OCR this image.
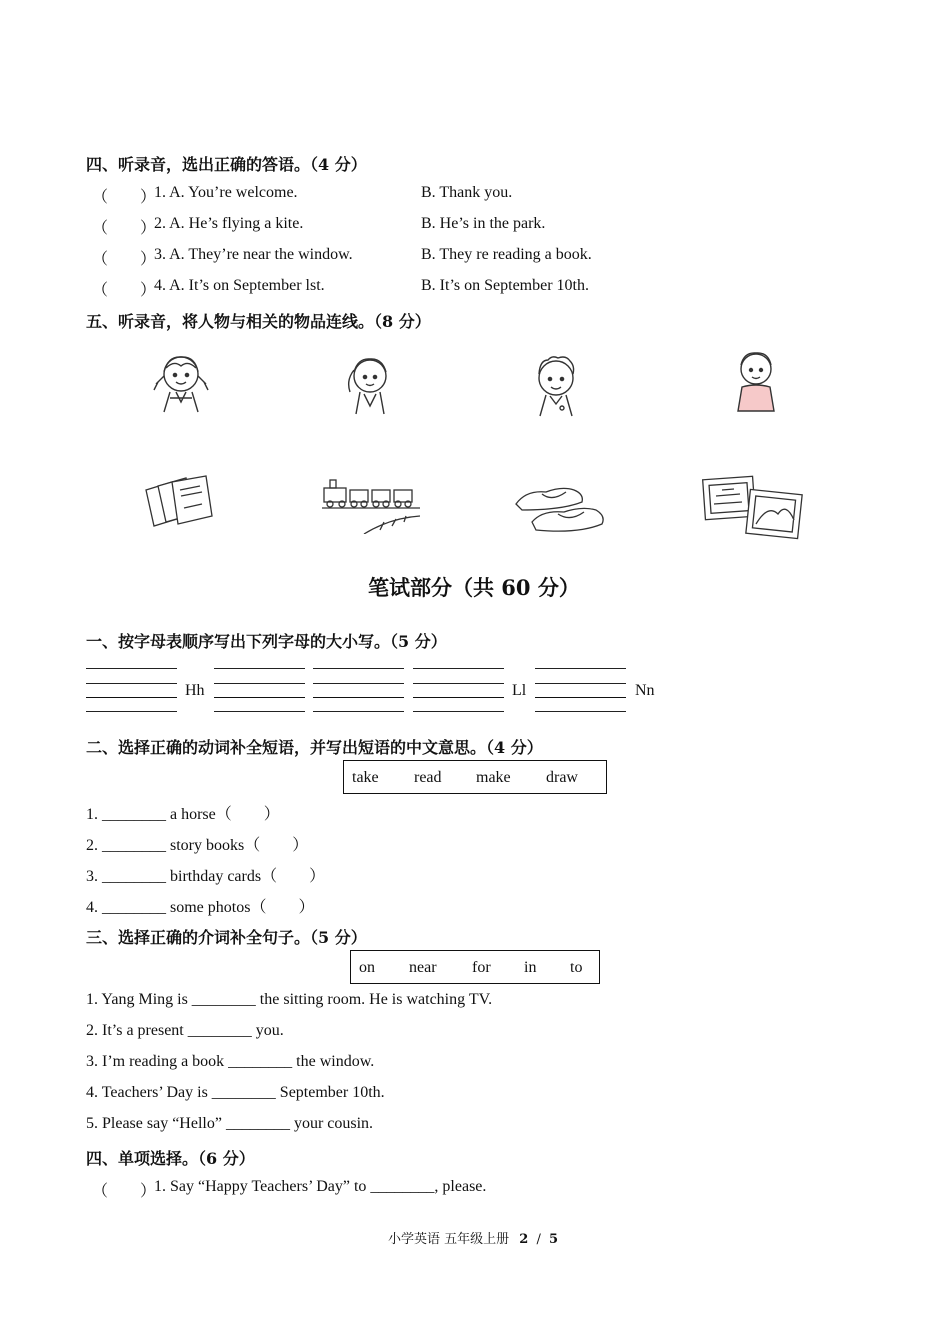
四、听录音，选出正确的答语。（4 分）
（　　）
1. A. You’re welcome.	B. Thank you.
（　　）
2. A. He’s flying a kite.	B. He’s in the park.
（　　）
3. A. They’re near the window.	B. They re reading a book.
（　　）
4. A. It’s on September lst.	B. It’s on September 10th.
五、听录音，将人物与相关的物品连线。（8 分）
笔试部分（共 60 分）
一、按字母表顺序写出下列字母的大小写。（5 分）
Hh	Ll	Nn
二、选择正确的动词补全短语，并写出短语的中文意思。（4 分）
take read make draw
1. ________ a horse（　　）
2. ________ story books（　　）
3. ________ birthday cards（　　）
4. ________ some photos（　　）
三、选择正确的介词补全句子。（5 分）
on near for in to
1. Yang Ming is ________ the sitting room. He is watching TV.
2. It’s a present ________ you.
3. I’m reading a book ________ the window.
4. Teachers’ Day is ________ September 10th.
5. Please say “Hello” ________ your cousin.
四、单项选择。（6 分）
（　　）
1. Say “Happy Teachers’ Day” to ________, please.
小学英语 五年级上册 2 / 5
